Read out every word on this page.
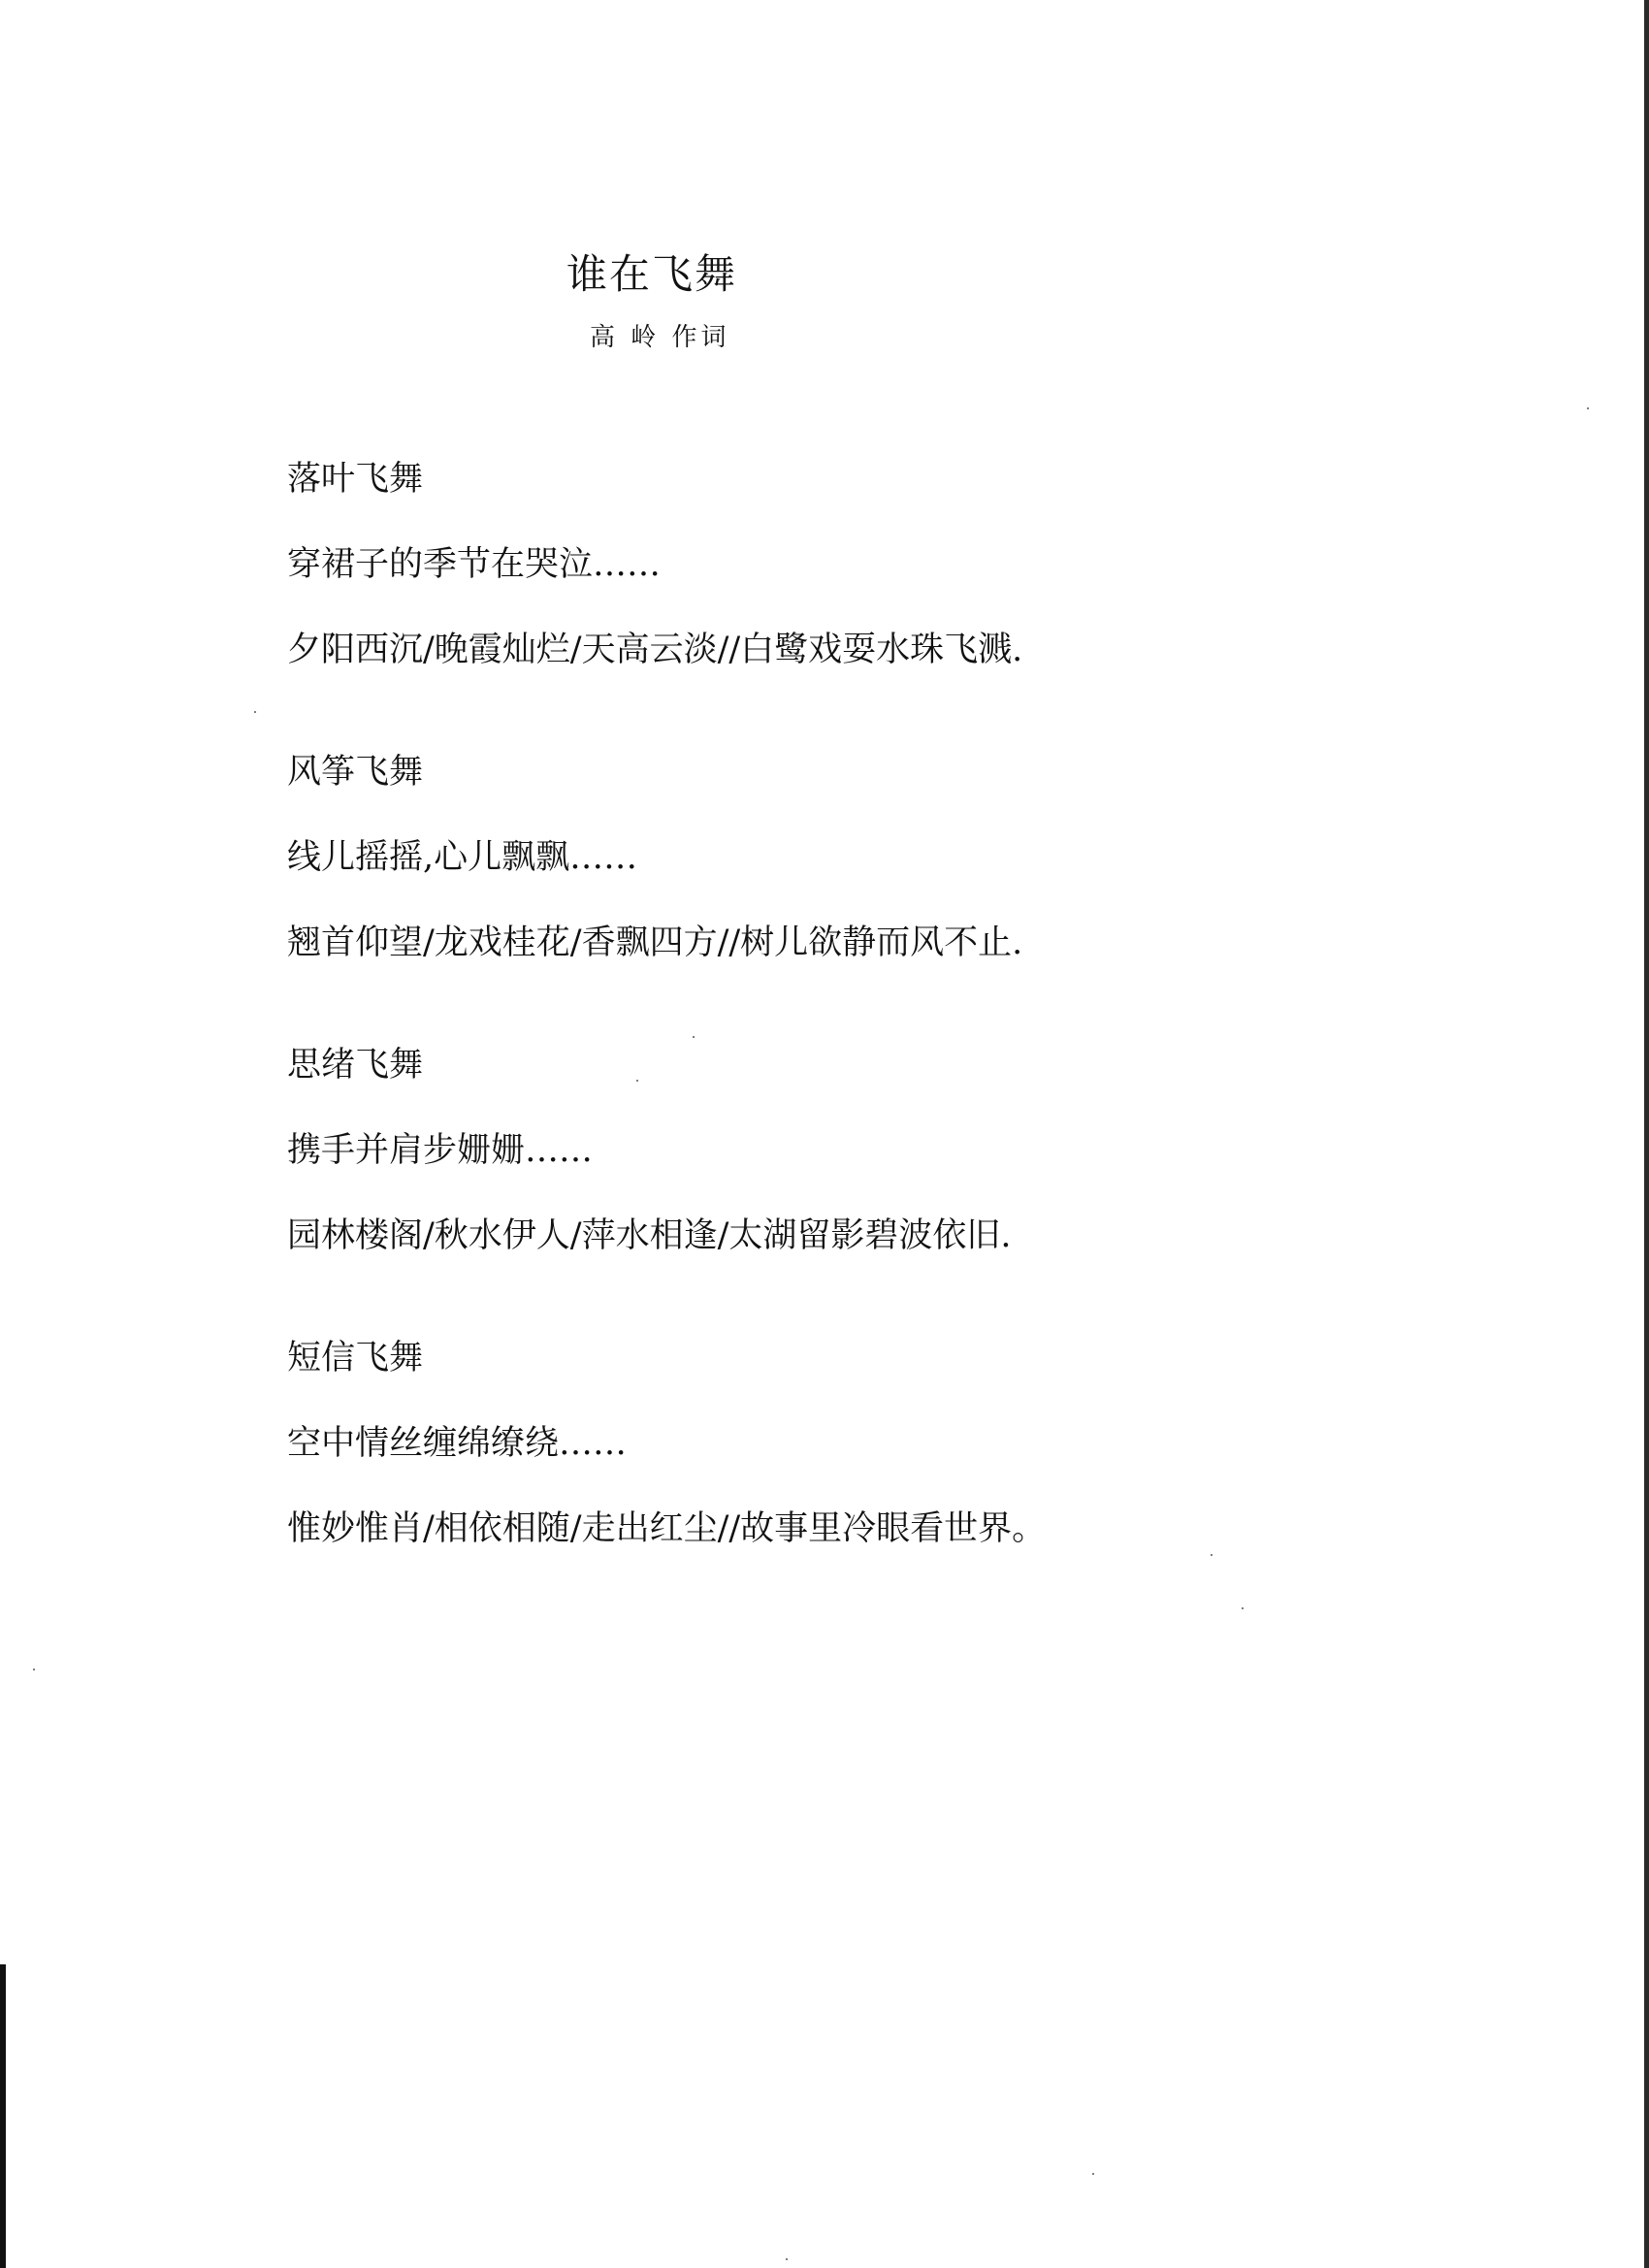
谁在飞舞

高 岭 作词

落叶飞舞

穿裙子的季节在哭泣……

夕阳西沉/晚霞灿烂/天高云淡//白鹭戏耍水珠飞溅.

风筝飞舞

线儿摇摇,心儿飘飘……

翘首仰望/龙戏桂花/香飘四方//树儿欲静而风不止.

思绪飞舞

携手并肩步姗姗……

园林楼阁/秋水伊人/萍水相逢/太湖留影碧波依旧.

短信飞舞

空中情丝缠绵缭绕……

惟妙惟肖/相依相随/走出红尘//故事里冷眼看世界。
